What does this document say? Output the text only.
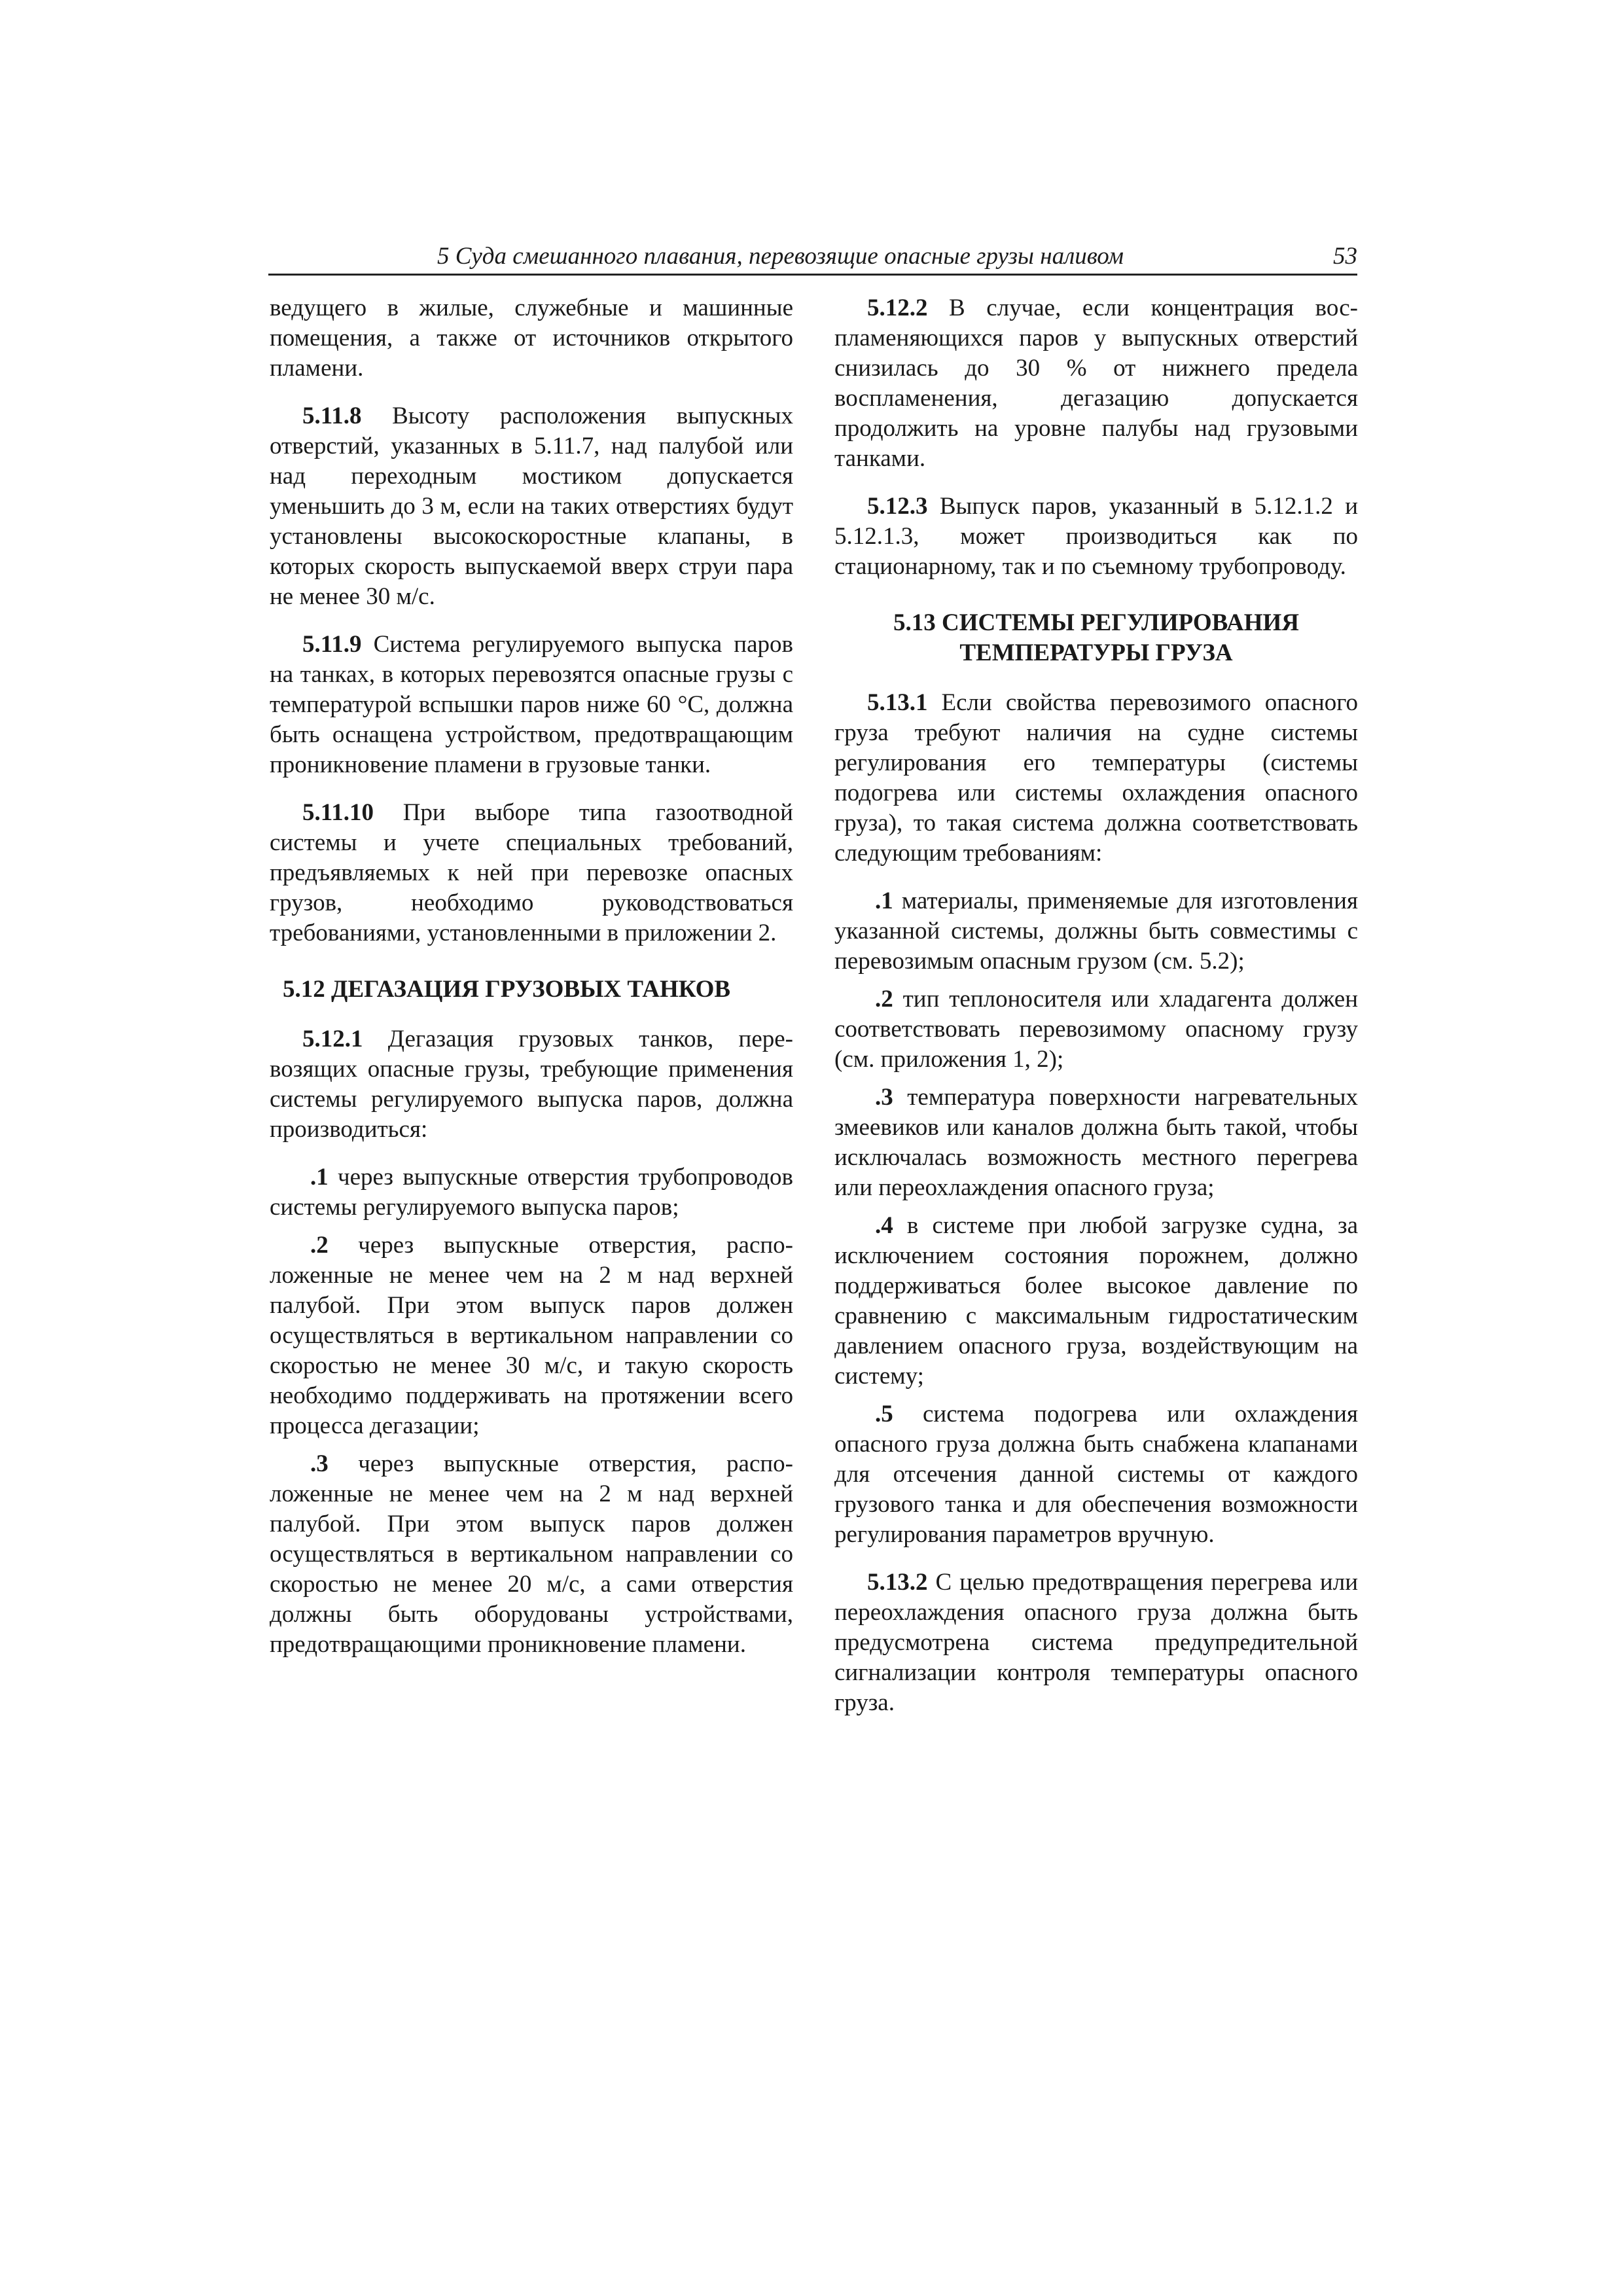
5 Суда смешанного плавания, перевозящие опасные грузы наливом	53

ведущего в жилые, служебные и машинные помещения, а также от источников открытого пламени.

5.11.8 Высоту расположения выпускных отверстий, указанных в 5.11.7, над палубой или над переходным мостиком допускается уменьшить до 3 м, если на таких отверстиях будут установлены высокоскоростные клапаны, в которых скорость выпускаемой вверх струи пара не менее 30 м/с.

5.11.9 Система регулируемого выпуска паров на танках, в которых перевозятся опасные грузы с температурой вспышки паров ниже 60 °С, должна быть оснащена устройством, предотвращающим проникновение пламени в грузовые танки.

5.11.10 При выборе типа газоотводной системы и учете специальных требований, предъявляемых к ней при перевозке опасных грузов, необходимо руководствоваться требованиями, установленными в приложении 2.

5.12 ДЕГАЗАЦИЯ ГРУЗОВЫХ ТАНКОВ

5.12.1 Дегазация грузовых танков, перевозящих опасные грузы, требующие применения системы регулируемого выпуска паров, должна производиться:

.1 через выпускные отверстия трубопроводов системы регулируемого выпуска паров;

.2 через выпускные отверстия, расположенные не менее чем на 2 м над верхней палубой. При этом выпуск паров должен осуществляться в вертикальном направлении со скоростью не менее 30 м/с, и такую скорость необходимо поддерживать на протяжении всего процесса дегазации;

.3 через выпускные отверстия, расположенные не менее чем на 2 м над верхней палубой. При этом выпуск паров должен осуществляться в вертикальном направлении со скоростью не менее 20 м/с, а сами отверстия должны быть оборудованы устройствами, предотвращающими проникновение пламени.

5.12.2 В случае, если концентрация воспламеняющихся паров у выпускных отверстий снизилась до 30 % от нижнего предела воспламенения, дегазацию допускается продолжить на уровне палубы над грузовыми танками.

5.12.3 Выпуск паров, указанный в 5.12.1.2 и 5.12.1.3, может производиться как по стационарному, так и по съемному трубопроводу.

5.13 СИСТЕМЫ РЕГУЛИРОВАНИЯ
ТЕМПЕРАТУРЫ ГРУЗА

5.13.1 Если свойства перевозимого опасного груза требуют наличия на судне системы регулирования его температуры (системы подогрева или системы охлаждения опасного груза), то такая система должна соответствовать следующим требованиям:

.1 материалы, применяемые для изготовления указанной системы, должны быть совместимы с перевозимым опасным грузом (см. 5.2);

.2 тип теплоносителя или хладагента должен соответствовать перевозимому опасному грузу (см. приложения 1, 2);

.3 температура поверхности нагревательных змеевиков или каналов должна быть такой, чтобы исключалась возможность местного перегрева или переохлаждения опасного груза;

.4 в системе при любой загрузке судна, за исключением состояния порожнем, должно поддерживаться более высокое давление по сравнению с максимальным гидростатическим давлением опасного груза, воздействующим на систему;

.5 система подогрева или охлаждения опасного груза должна быть снабжена клапанами для отсечения данной системы от каждого грузового танка и для обеспечения возможности регулирования параметров вручную.

5.13.2 С целью предотвращения перегрева или переохлаждения опасного груза должна быть предусмотрена система предупредительной сигнализации контроля температуры опасного груза.
